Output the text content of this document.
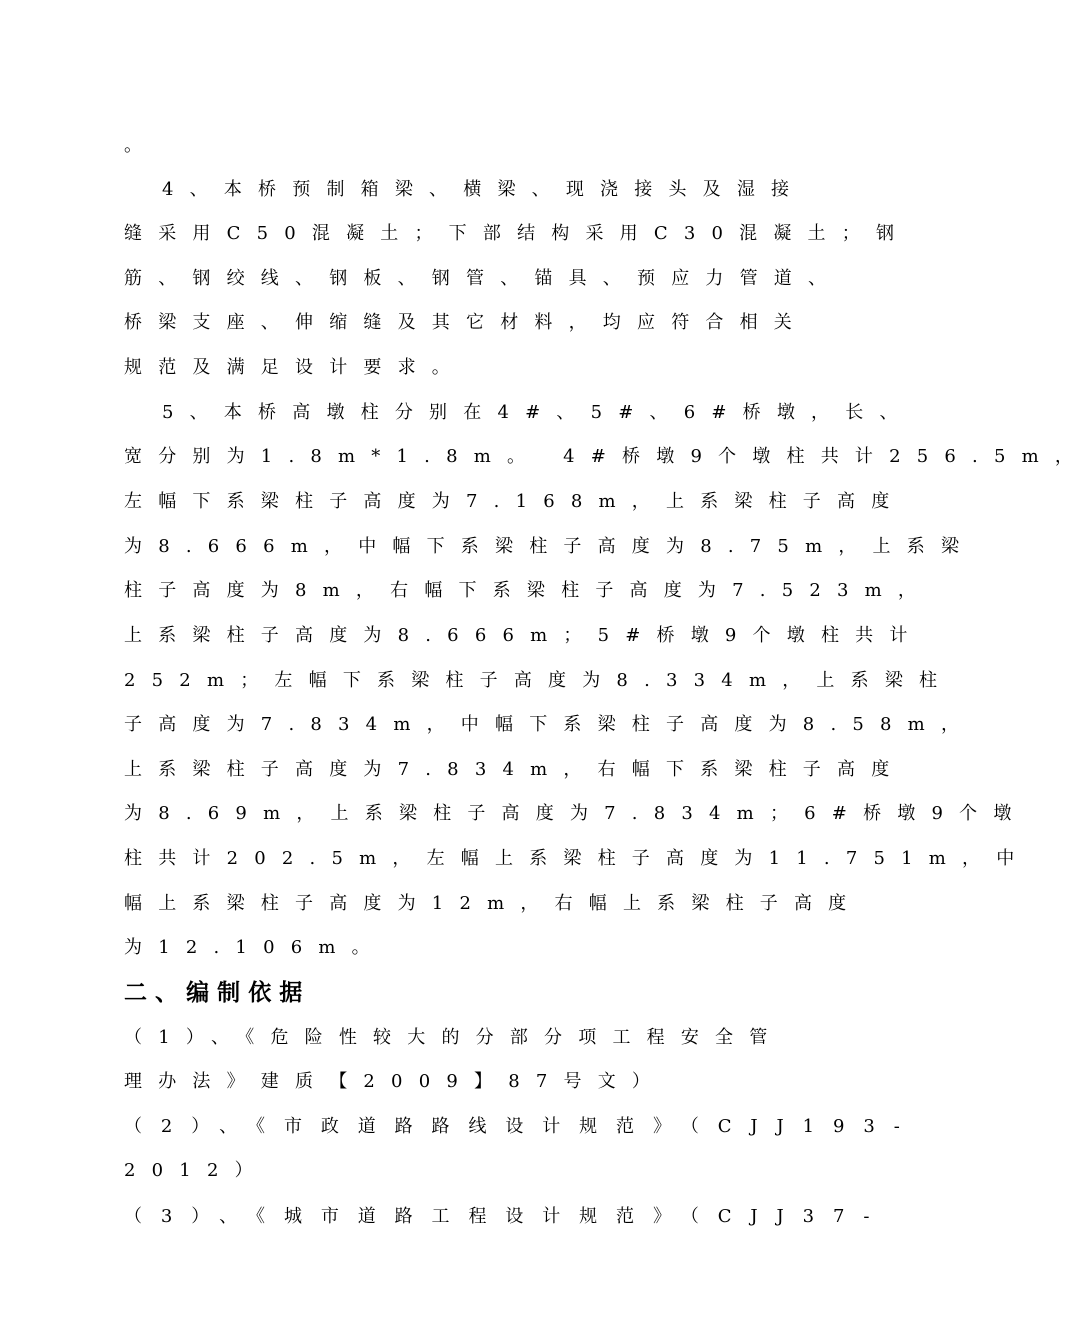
。
4、本桥预制箱梁、横梁、现浇接头及湿接
缝采用C50混凝土；下部结构采用C30混凝土；钢
筋、钢绞线、钢板、钢管、锚具、预应力管道、
桥梁支座、伸缩缝及其它材料，均应符合相关
规范及满足设计要求。
5、本桥高墩柱分别在4#、5#、6#桥墩，长、
宽分别为1.8m*1.8m。 4#桥墩9个墩柱共计256.5m，
左幅下系梁柱子高度为7.168m，上系梁柱子高度
为8.666m，中幅下系梁柱子高度为8.75m，上系梁
柱子高度为8m，右幅下系梁柱子高度为7.523m，
上系梁柱子高度为8.666m；5#桥墩9个墩柱共计
252m；左幅下系梁柱子高度为8.334m，上系梁柱
子高度为7.834m，中幅下系梁柱子高度为8.58m，
上系梁柱子高度为7.834m，右幅下系梁柱子高度
为8.69m，上系梁柱子高度为7.834m；6#桥墩9个墩
柱共计202.5m，左幅上系梁柱子高度为11.751m，中
幅上系梁柱子高度为12m，右幅上系梁柱子高度
为12.106m。
二、编制依据
（1）、《危险性较大的分部分项工程安全管
理办法》建质【2009】87号文）
（2）、《市政道路路线设计规范》（CJJ193-
2012）
（3）、《城市道路工程设计规范》（CJJ37-
